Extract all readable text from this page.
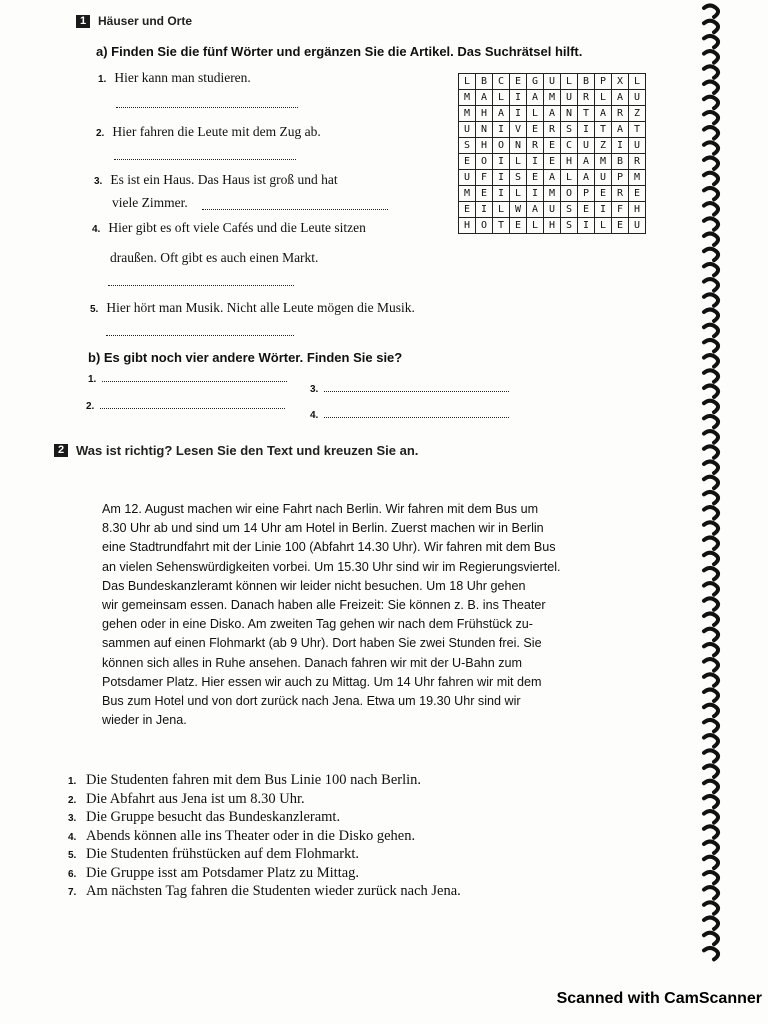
1 Häuser und Orte
a) Finden Sie die fünf Wörter und ergänzen Sie die Artikel. Das Suchrätsel hilft.
1. Hier kann man studieren.
2. Hier fahren die Leute mit dem Zug ab.
3. Es ist ein Haus. Das Haus ist groß und hat
viele Zimmer.
4. Hier gibt es oft viele Cafés und die Leute sitzen
draußen. Oft gibt es auch einen Markt.
5. Hier hört man Musik. Nicht alle Leute mögen die Musik.
L	B	C	E	G	U	L	B	P	X	L
M	A	L	I	A	M	U	R	L	A	U
M	H	A	I	L	A	N	T	A	R	Z
U	N	I	V	E	R	S	I	T	A	T
S	H	O	N	R	E	C	U	Z	I	U
E	O	I	L	I	E	H	A	M	B	R
U	F	I	S	E	A	L	A	U	P	M
M	E	I	L	I	M	O	P	E	R	E
E	I	L	W	A	U	S	E	I	F	H
H	O	T	E	L	H	S	I	L	E	U
b) Es gibt noch vier andere Wörter. Finden Sie sie?
1.
2.
3.
4.
2 Was ist richtig? Lesen Sie den Text und kreuzen Sie an.
Am 12. August machen wir eine Fahrt nach Berlin. Wir fahren mit dem Bus um
8.30 Uhr ab und sind um 14 Uhr am Hotel in Berlin. Zuerst machen wir in Berlin
eine Stadtrundfahrt mit der Linie 100 (Abfahrt 14.30 Uhr). Wir fahren mit dem Bus
an vielen Sehenswürdigkeiten vorbei. Um 15.30 Uhr sind wir im Regierungsviertel.
Das Bundeskanzleramt können wir leider nicht besuchen. Um 18 Uhr gehen
wir gemeinsam essen. Danach haben alle Freizeit: Sie können z. B. ins Theater
gehen oder in eine Disko. Am zweiten Tag gehen wir nach dem Frühstück zu-
sammen auf einen Flohmarkt (ab 9 Uhr). Dort haben Sie zwei Stunden frei. Sie
können sich alles in Ruhe ansehen. Danach fahren wir mit der U-Bahn zum
Potsdamer Platz. Hier essen wir auch zu Mittag. Um 14 Uhr fahren wir mit dem
Bus zum Hotel und von dort zurück nach Jena. Etwa um 19.30 Uhr sind wir
wieder in Jena.
1. Die Studenten fahren mit dem Bus Linie 100 nach Berlin.
2. Die Abfahrt aus Jena ist um 8.30 Uhr.
3. Die Gruppe besucht das Bundeskanzleramt.
4. Abends können alle ins Theater oder in die Disko gehen.
5. Die Studenten frühstücken auf dem Flohmarkt.
6. Die Gruppe isst am Potsdamer Platz zu Mittag.
7. Am nächsten Tag fahren die Studenten wieder zurück nach Jena.
Scanned with CamScanner
